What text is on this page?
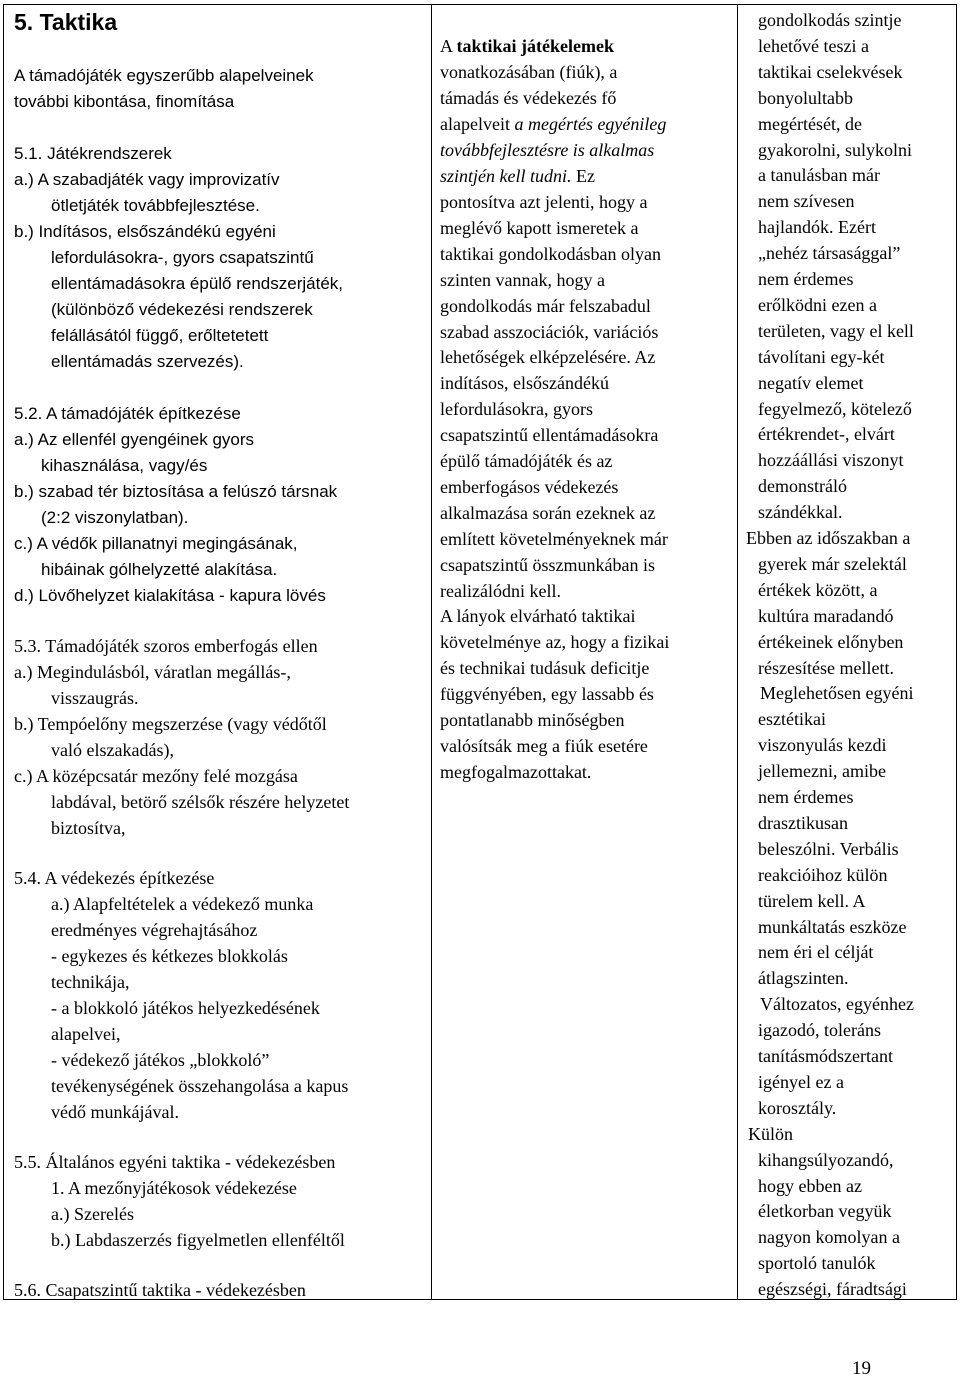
5. Taktika
A támadójáték egyszerűbb alapelveinek
további kibontása, finomítása
5.1. Játékrendszerek
a.) A szabadjáték vagy improvizatív
ötletjáték továbbfejlesztése.
b.) Indításos, elsőszándékú egyéni
lefordulásokra-, gyors csapatszintű
ellentámadásokra épülő rendszerjáték,
(különböző védekezési rendszerek
felállásától függő, erőltetetett
ellentámadás szervezés).
5.2. A támadójáték építkezése
a.) Az ellenfél gyengéinek gyors
kihasználása, vagy/és
b.) szabad tér biztosítása a felúszó társnak
(2:2 viszonylatban).
c.) A védők pillanatnyi megingásának,
hibáinak gólhelyzetté alakítása.
d.) Lövőhelyzet kialakítása - kapura lövés
5.3. Támadójáték szoros emberfogás ellen
a.) Megindulásból, váratlan megállás-,
visszaugrás.
b.) Tempóelőny megszerzése (vagy védőtől
való elszakadás),
c.) A középcsatár mezőny felé mozgása
labdával, betörő szélsők részére helyzetet
biztosítva,
5.4. A védekezés építkezése
a.) Alapfeltételek a védekező munka
eredményes végrehajtásához
- egykezes és kétkezes blokkolás
technikája,
- a blokkoló játékos helyezkedésének
alapelvei,
- védekező játékos „blokkoló”
tevékenységének összehangolása a kapus
védő munkájával.
5.5. Általános egyéni taktika - védekezésben
1. A mezőnyjátékosok védekezése
a.) Szerelés
b.) Labdaszerzés figyelmetlen ellenféltől
5.6. Csapatszintű taktika - védekezésben
A taktikai játékelemek
vonatkozásában (fiúk), a
támadás és védekezés fő
alapelveit a megértés egyénileg
továbbfejlesztésre is alkalmas
szintjén kell tudni. Ez
pontosítva azt jelenti, hogy a
meglévő kapott ismeretek a
taktikai gondolkodásban olyan
szinten vannak, hogy a
gondolkodás már felszabadul
szabad asszociációk, variációs
lehetőségek elképzelésére. Az
indításos, elsőszándékú
lefordulásokra, gyors
csapatszintű ellentámadásokra
épülő támadójáték és az
emberfogásos védekezés
alkalmazása során ezeknek az
említett követelményeknek már
csapatszintű összmunkában is
realizálódni kell.
A lányok elvárható taktikai
követelménye az, hogy a fizikai
és technikai tudásuk deficitje
függvényében, egy lassabb és
pontatlanabb minőségben
valósítsák meg a fiúk esetére
megfogalmazottakat.
gondolkodás szintje
lehetővé teszi a
taktikai cselekvések
bonyolultabb
megértését, de
gyakorolni, sulykolni
a tanulásban már
nem szívesen
hajlandók. Ezért
„nehéz társasággal”
nem érdemes
erőlködni ezen a
területen, vagy el kell
távolítani egy-két
negatív elemet
fegyelmező, kötelező
értékrendet-, elvárt
hozzáállási viszonyt
demonstráló
szándékkal.
Ebben az időszakban a
gyerek már szelektál
értékek között, a
kultúra maradandó
értékeinek előnyben
részesítése mellett.
Meglehetősen egyéni
esztétikai
viszonyulás kezdi
jellemezni, amibe
nem érdemes
drasztikusan
beleszólni. Verbális
reakcióihoz külön
türelem kell. A
munkáltatás eszköze
nem éri el célját
átlagszinten.
Változatos, egyénhez
igazodó, toleráns
tanításmódszertant
igényel ez a
korosztály.
Külön
kihangsúlyozandó,
hogy ebben az
életkorban vegyük
nagyon komolyan a
sportoló tanulók
egészségi, fáradtsági
19
